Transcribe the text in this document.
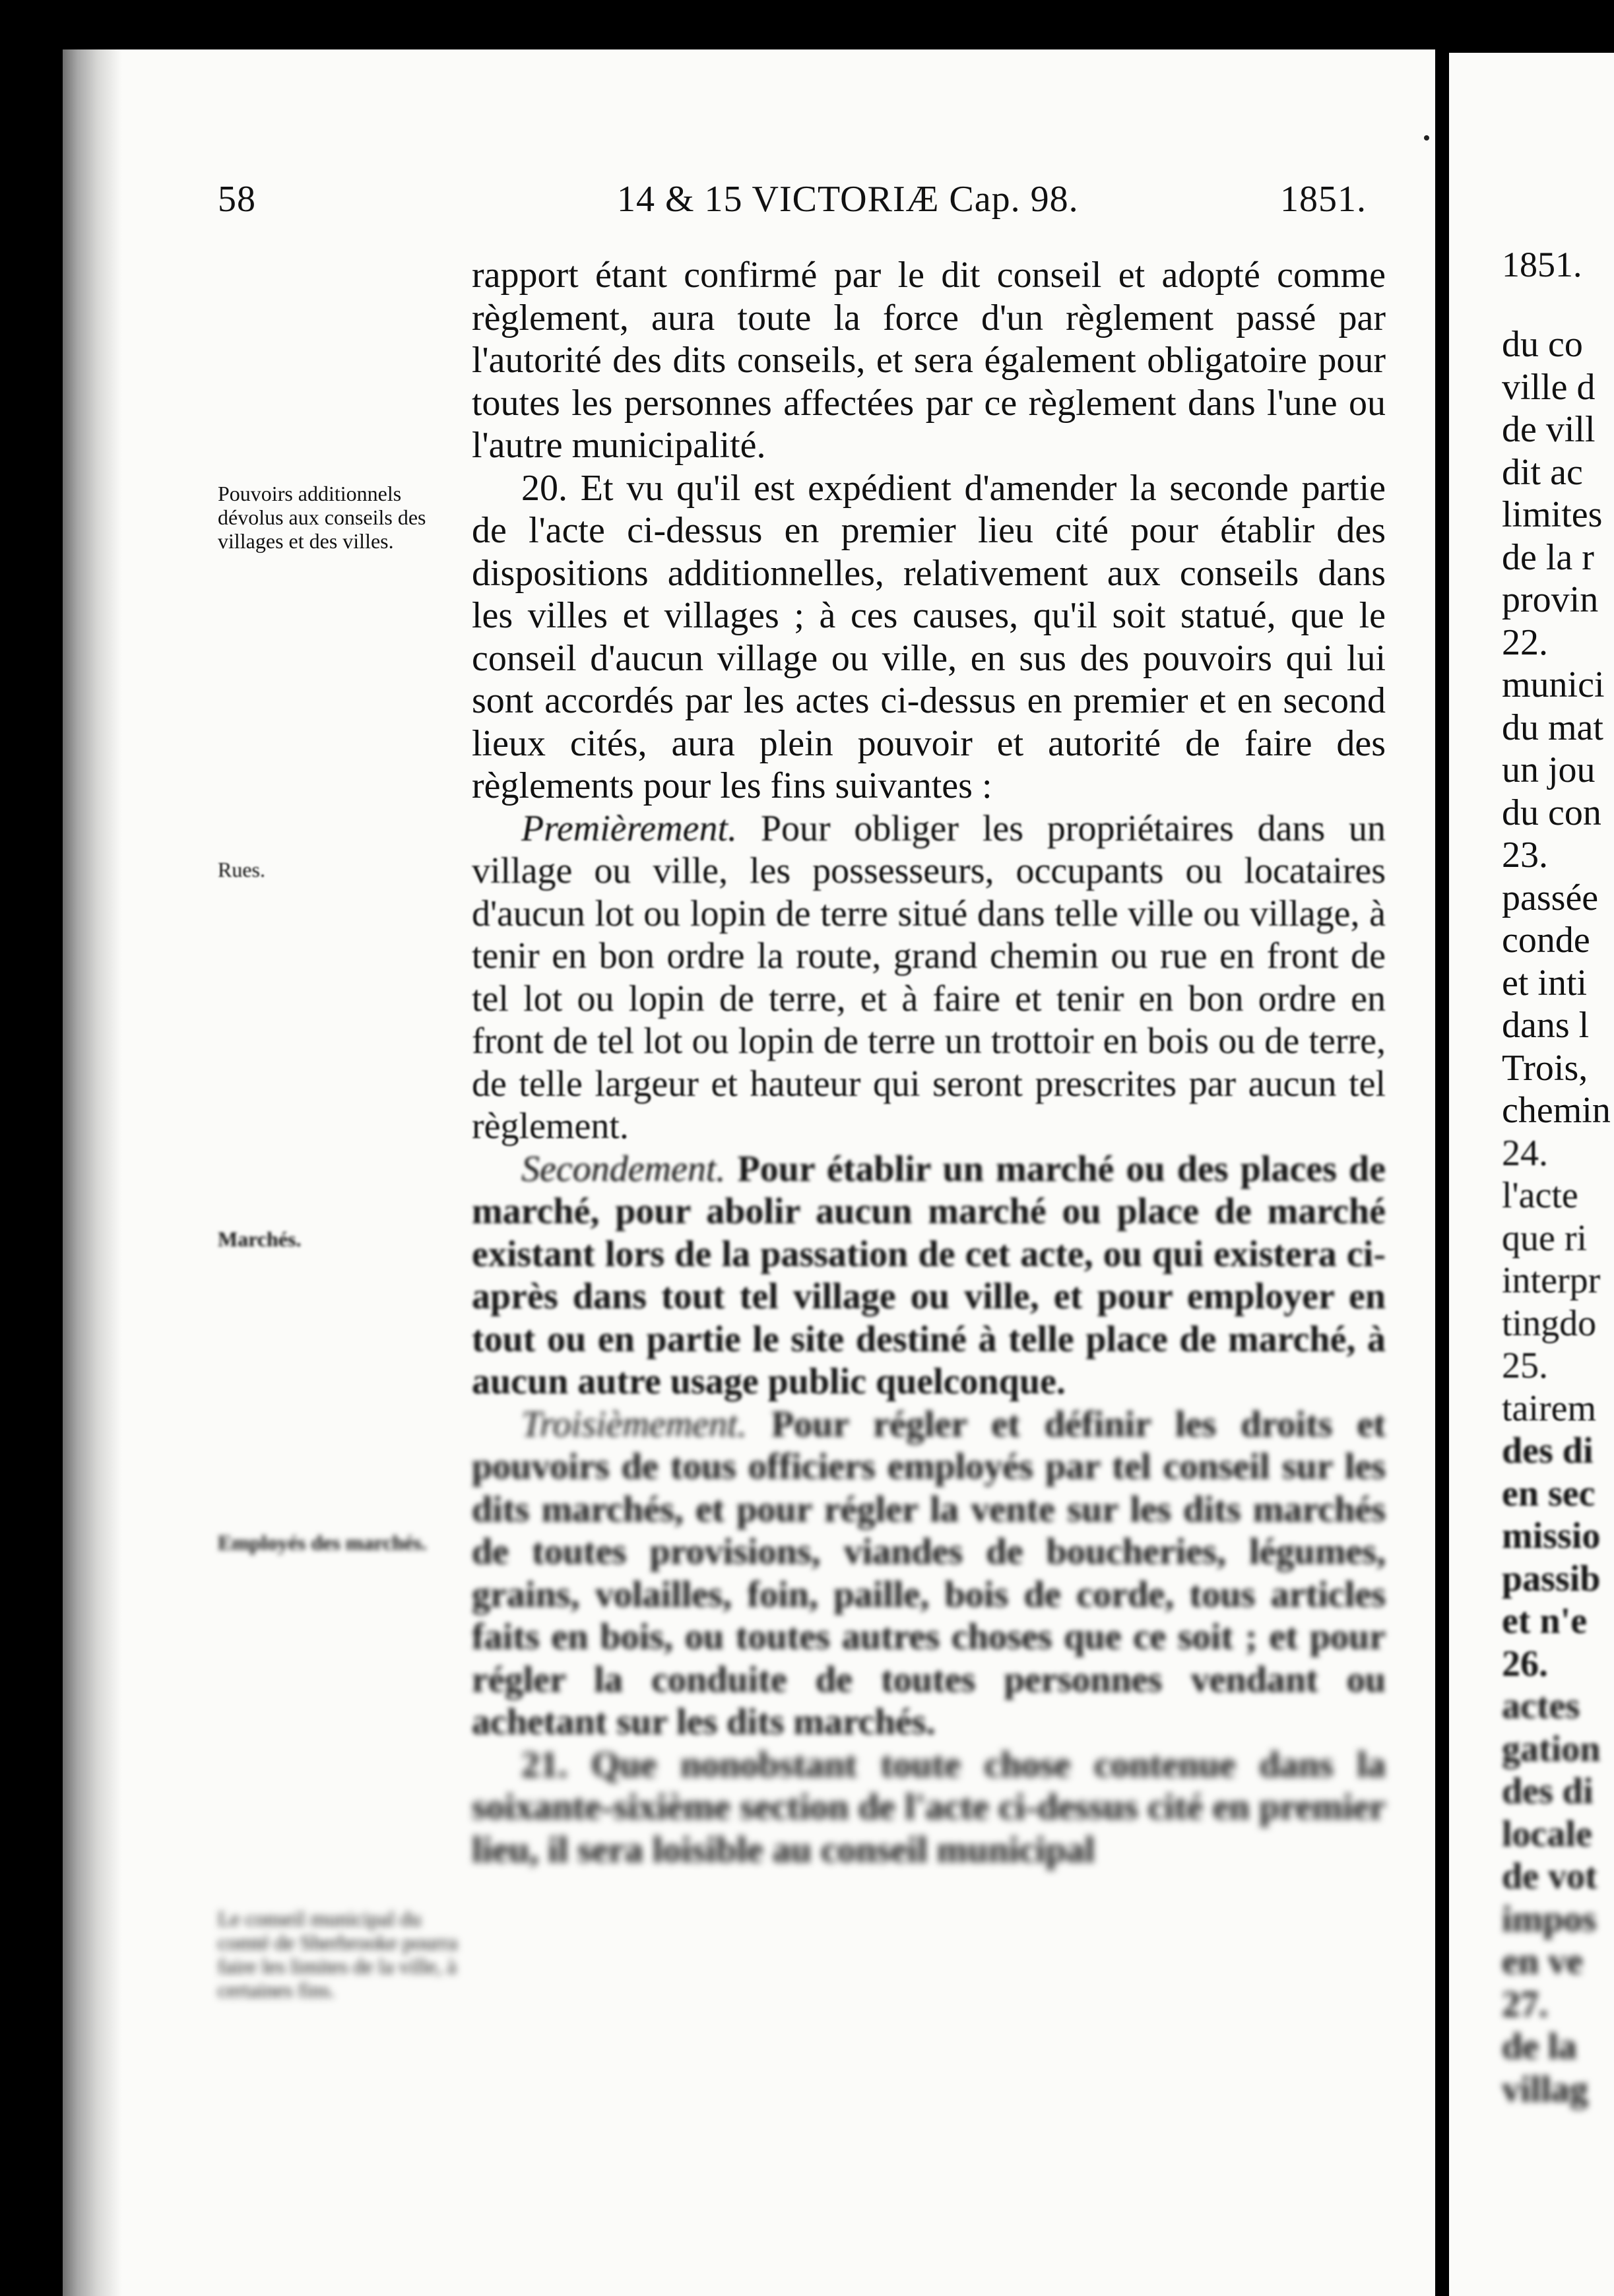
58	14 & 15 VICTORIÆ Cap. 98.	1851.
Pouvoirs additionnels dévolus aux conseils des villages et des villes.
Rues.
Marchés.
Employés des marchés.
Le conseil municipal du comté de Sherbrooke pourra faire les limites de la ville, à certaines fins.

rapport étant confirmé par le dit conseil et adopté comme règlement, aura toute la force d'un règlement passé par l'autorité des dits conseils, et sera également obligatoire pour toutes les personnes affectées par ce règlement dans l'une ou l'autre municipalité.

20. Et vu qu'il est expédient d'amender la seconde partie de l'acte ci-dessus en premier lieu cité pour établir des dispositions additionnelles, relativement aux conseils dans les villes et villages ; à ces causes, qu'il soit statué, que le conseil d'aucun village ou ville, en sus des pouvoirs qui lui sont accordés par les actes ci-dessus en premier et en second lieux cités, aura plein pouvoir et autorité de faire des règlements pour les fins suivantes :

Premièrement. Pour obliger les propriétaires dans un village ou ville, les possesseurs, occupants ou locataires d'aucun lot ou lopin de terre situé dans telle ville ou village, à tenir en bon ordre la route, grand chemin ou rue en front de tel lot ou lopin de terre, et à faire et tenir en bon ordre en front de tel lot ou lopin de terre un trottoir en bois ou de terre, de telle largeur et hauteur qui seront prescrites par aucun tel règlement.

Secondement. Pour établir un marché ou des places de marché, pour abolir aucun marché ou place de marché existant lors de la passation de cet acte, ou qui existera ci-après dans tout tel village ou ville, et pour employer en tout ou en partie le site destiné à telle place de marché, à aucun autre usage public quelconque.

Troisièmement. Pour régler et définir les droits et pouvoirs de tous officiers employés par tel conseil sur les dits marchés, et pour régler la vente sur les dits marchés de toutes provisions, viandes de boucheries, légumes, grains, volailles, foin, paille, bois de corde, tous articles faits en bois, ou toutes autres choses que ce soit ; et pour régler la conduite de toutes personnes vendant ou achetant sur les dits marchés.

21. Que nonobstant toute chose contenue dans la soixante-sixième section de l'acte ci-dessus cité en premier lieu, il sera loisible au conseil municipal

1851.
du co
ville d
de vill
dit ac
limites
de la r
provin
22.
munici
du mat
un jou
du con
23.
passée
conde
et inti
dans l
Trois,
chemin
24.
l'acte
que ri
interpr
tingdo
25.
tairem
des di
en sec
missio
passib
et n'e
26.
actes
gation
des di
locale
de vot
impos
en ve
27.
de la
villag
